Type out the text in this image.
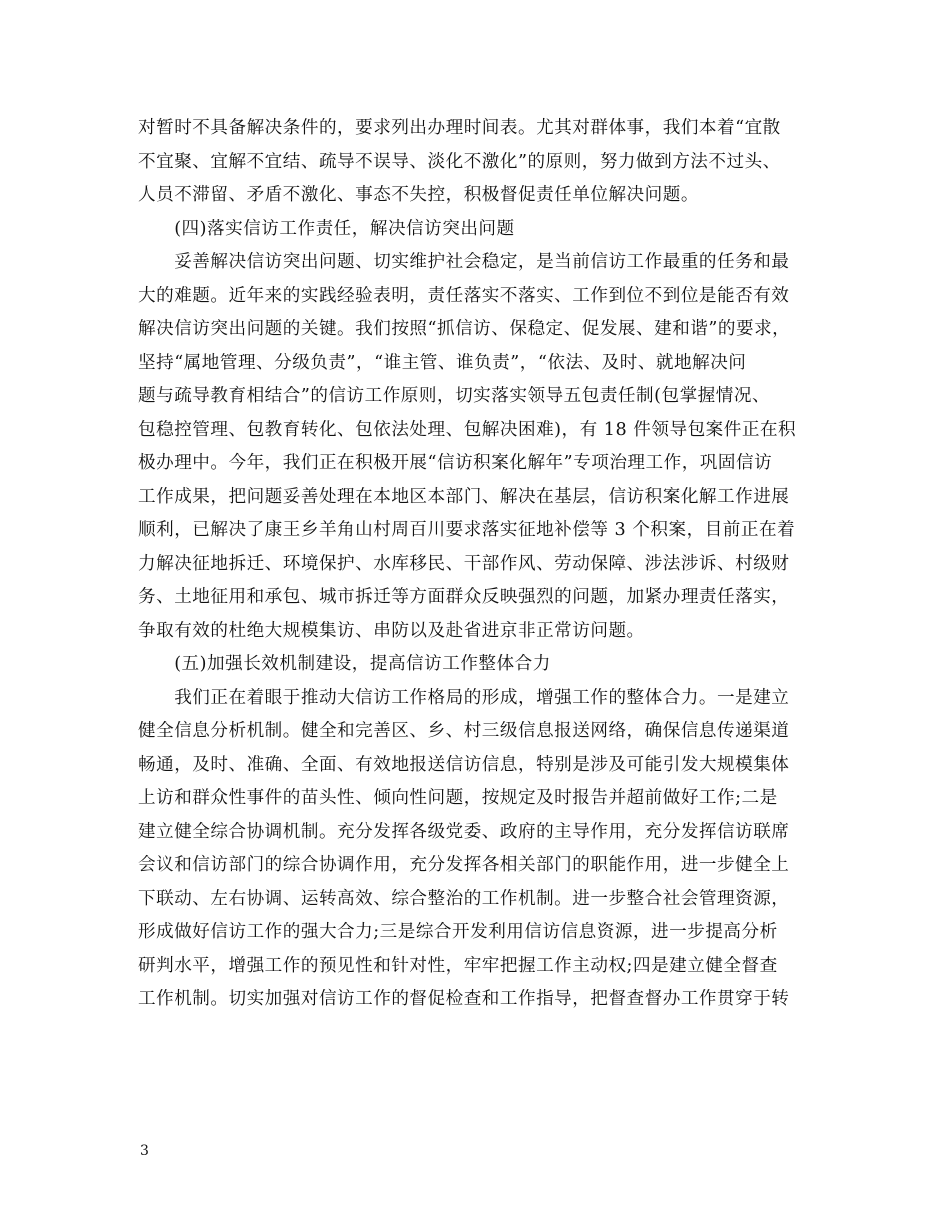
对暂时不具备解决条件的，要求列出办理时间表。尤其对群体事，我们本着“宜散
不宜聚、宜解不宜结、疏导不误导、淡化不激化”的原则，努力做到方法不过头、
人员不滞留、矛盾不激化、事态不失控，积极督促责任单位解决问题。
　　(四)落实信访工作责任，解决信访突出问题
　　妥善解决信访突出问题、切实维护社会稳定，是当前信访工作最重的任务和最
大的难题。近年来的实践经验表明，责任落实不落实、工作到位不到位是能否有效
解决信访突出问题的关键。我们按照“抓信访、保稳定、促发展、建和谐”的要求，
坚持“属地管理、分级负责”，“谁主管、谁负责”，“依法、及时、就地解决问
题与疏导教育相结合”的信访工作原则，切实落实领导五包责任制(包掌握情况、
包稳控管理、包教育转化、包依法处理、包解决困难)，有 18 件领导包案件正在积
极办理中。今年，我们正在积极开展“信访积案化解年”专项治理工作，巩固信访
工作成果，把问题妥善处理在本地区本部门、解决在基层，信访积案化解工作进展
顺利，已解决了康王乡羊角山村周百川要求落实征地补偿等 3 个积案，目前正在着
力解决征地拆迁、环境保护、水库移民、干部作风、劳动保障、涉法涉诉、村级财
务、土地征用和承包、城市拆迁等方面群众反映强烈的问题，加紧办理责任落实，
争取有效的杜绝大规模集访、串防以及赴省进京非正常访问题。
　　(五)加强长效机制建设，提高信访工作整体合力
　　我们正在着眼于推动大信访工作格局的形成，增强工作的整体合力。一是建立
健全信息分析机制。健全和完善区、乡、村三级信息报送网络，确保信息传递渠道
畅通，及时、准确、全面、有效地报送信访信息，特别是涉及可能引发大规模集体
上访和群众性事件的苗头性、倾向性问题，按规定及时报告并超前做好工作;二是
建立健全综合协调机制。充分发挥各级党委、政府的主导作用，充分发挥信访联席
会议和信访部门的综合协调作用，充分发挥各相关部门的职能作用，进一步健全上
下联动、左右协调、运转高效、综合整治的工作机制。进一步整合社会管理资源，
形成做好信访工作的强大合力;三是综合开发利用信访信息资源，进一步提高分析
研判水平，增强工作的预见性和针对性，牢牢把握工作主动权;四是建立健全督查
工作机制。切实加强对信访工作的督促检查和工作指导，把督查督办工作贯穿于转
3
